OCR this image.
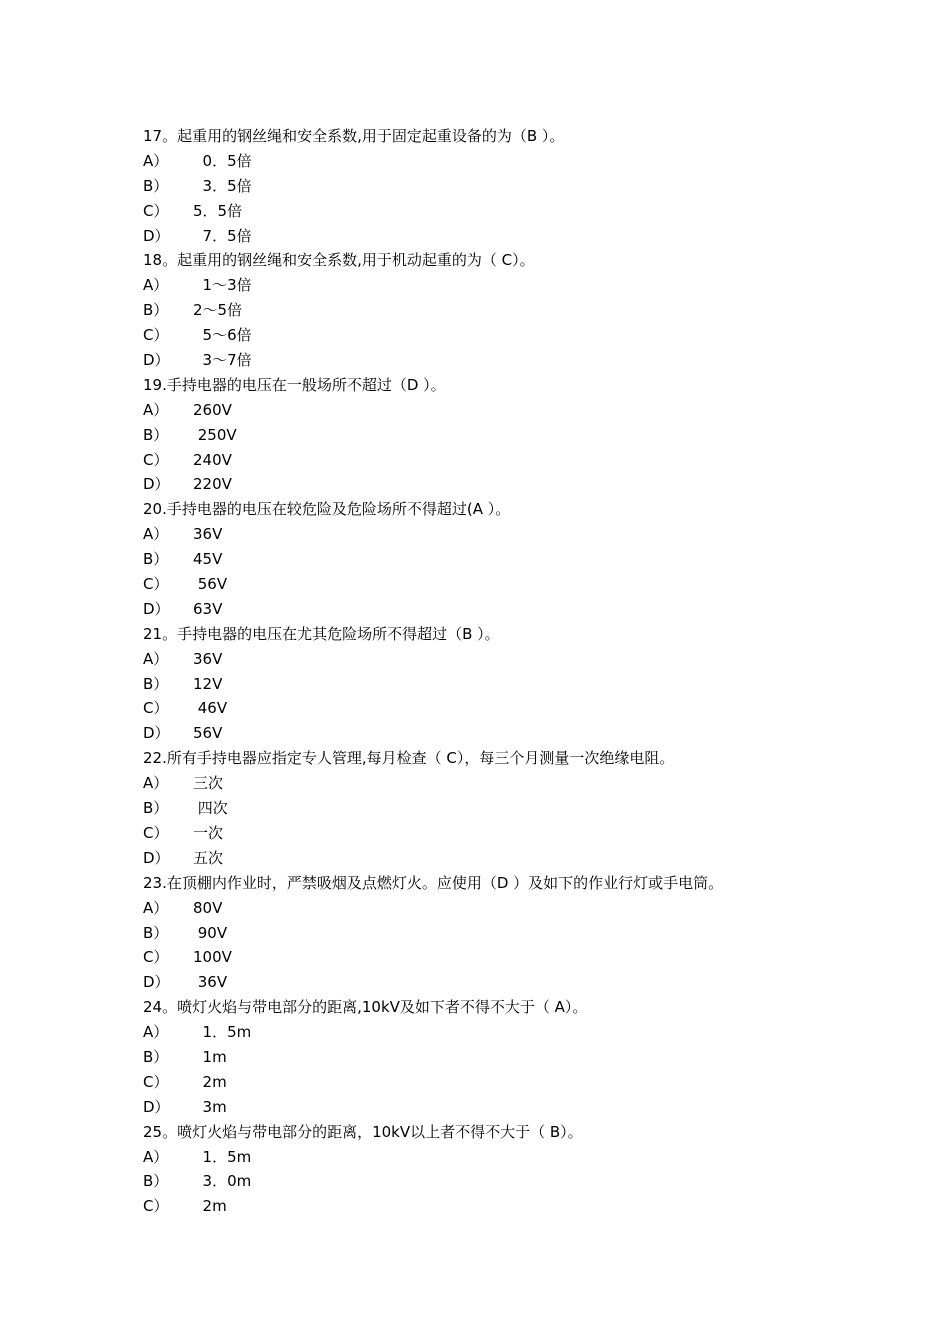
17。起重用的钢丝绳和安全系数,用于固定起重设备的为（B ）。
A）	0．5倍
B）	3．5倍
C）	5．5倍
D）	7．5倍
18。起重用的钢丝绳和安全系数,用于机动起重的为（ C）。
A）	1～3倍
B）	2～5倍
C）	5～6倍
D）	3～7倍
19.手持电器的电压在一般场所不超过（D ）。
A）	260V
B）	250V
C）	240V
D）	220V
20.手持电器的电压在较危险及危险场所不得超过(A ）。
A）	36V
B）	45V
C）	56V
D）	63V
21。手持电器的电压在尤其危险场所不得超过（B ）。
A）	36V
B）	12V
C）	46V
D）	56V
22.所有手持电器应指定专人管理,每月检查（ C），每三个月测量一次绝缘电阻。
A）	三次
B）	四次
C）	一次
D）	五次
23.在顶棚内作业时，严禁吸烟及点燃灯火。应使用（D ）及如下的作业行灯或手电筒。
A）	80V
B）	90V
C）	100V
D）	36V
24。喷灯火焰与带电部分的距离,10kV及如下者不得不大于（ A）。
A）	1．5m
B）	1m
C）	2m
D）	3m
25。喷灯火焰与带电部分的距离，10kV以上者不得不大于（ B）。
A）	1．5m
B）	3．0m
C）	2m
